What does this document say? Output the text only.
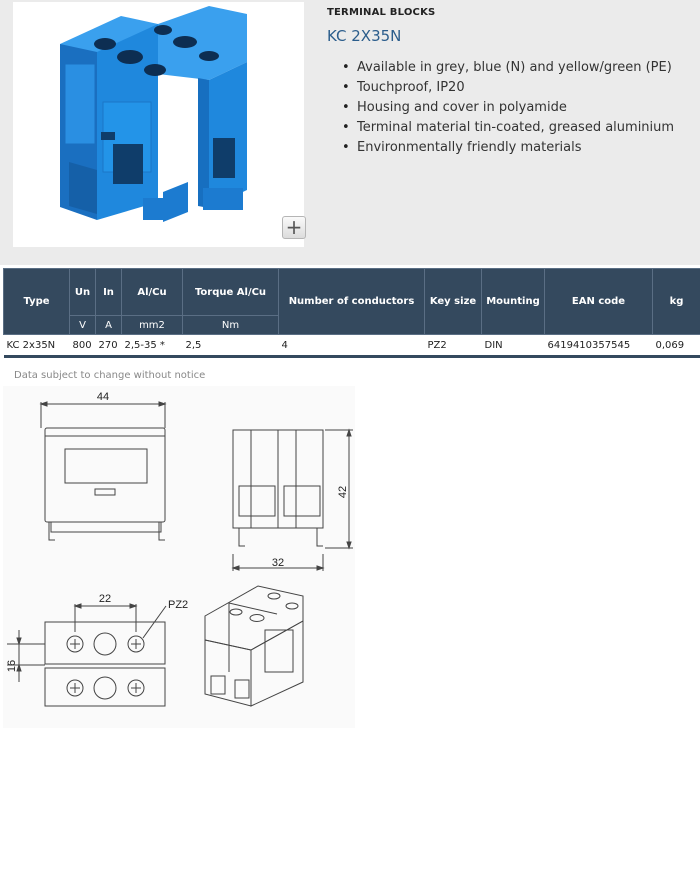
+
TERMINAL BLOCKS
KC 2X35N
• Available in grey, blue (N) and yellow/green (PE)
• Touchproof, IP20
• Housing and cover in polyamide
• Terminal material tin-coated, greased aluminium
• Environmentally friendly materials
Type	Un	In	Al/Cu	Torque Al/Cu	Number of conductors	Key size	Mounting	EAN code	kg
	V	A	mm2	Nm					
KC 2x35N	800	270	2,5-35 *	2,5	4	PZ2	DIN	6419410357545	0,069
Data subject to change without notice
44
32
42
22	PZ2
16
